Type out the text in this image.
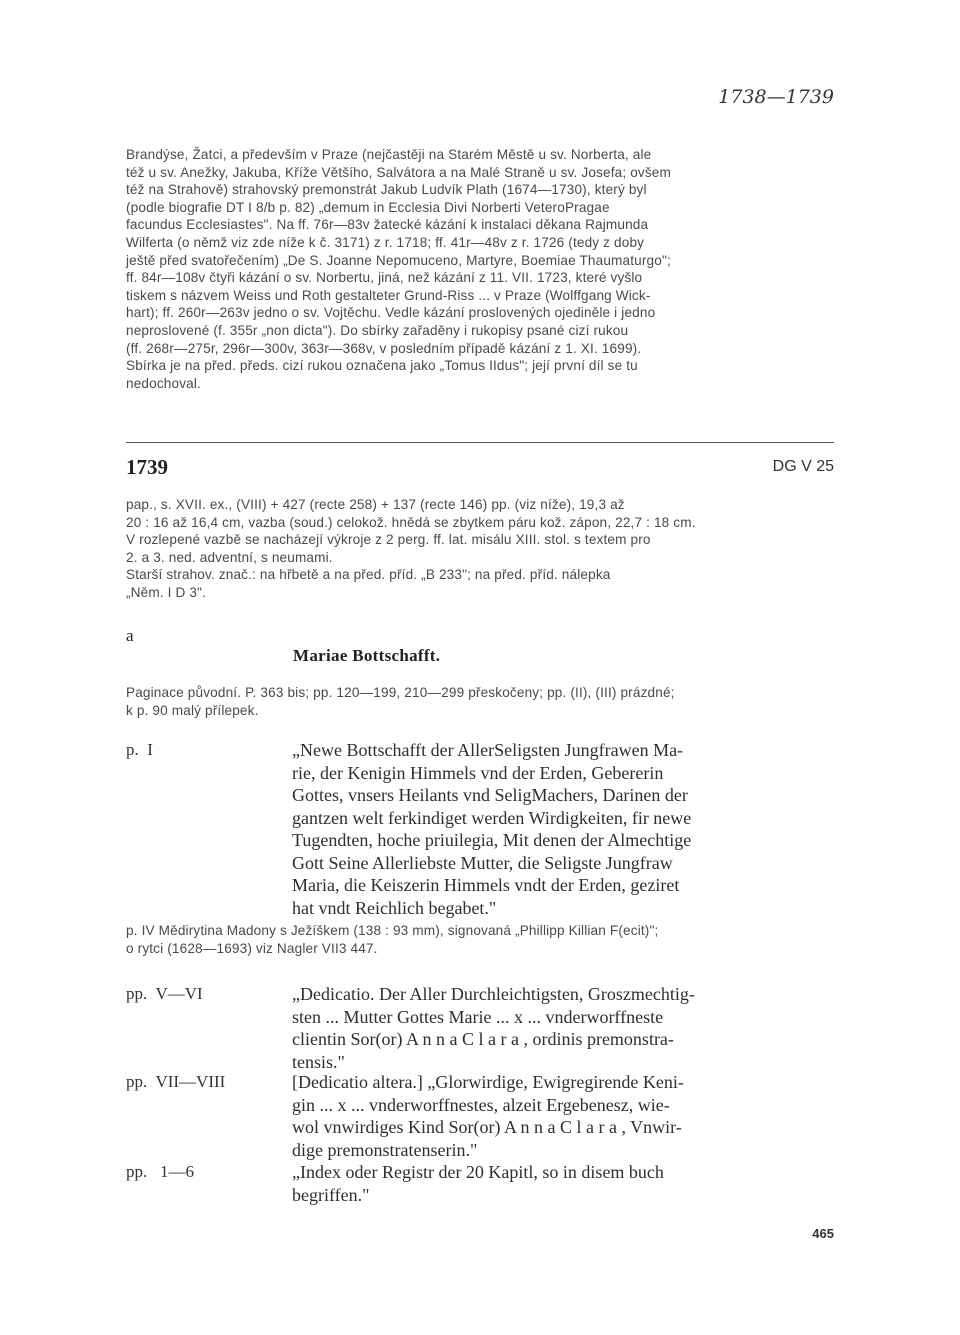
1738—1739
Brandýse, Žatci, a především v Praze (nejčastěji na Starém Městě u sv. Norberta, ale
též u sv. Anežky, Jakuba, Kříže Většího, Salvátora a na Malé Straně u sv. Josefa; ovšem
též na Strahově) strahovský premonstrát Jakub Ludvík Plath (1674—1730), který byl
(podle biografie DT I 8/b p. 82) „demum in Ecclesia Divi Norberti VeteroPragae
facundus Ecclesiastes". Na ff. 76r—83v žatecké kázání k instalaci děkana Rajmunda
Wilferta (o němž viz zde níže k č. 3171) z r. 1718; ff. 41r—48v z r. 1726 (tedy z doby
ještě před svatořečením) „De S. Joanne Nepomuceno, Martyre, Boemiae Thaumaturgo";
ff. 84r—108v čtyři kázání o sv. Norbertu, jiná, než kázání z 11. VII. 1723, které vyšlo
tiskem s názvem Weiss und Roth gestalteter Grund-Riss ... v Praze (Wolffgang Wick-
hart); ff. 260r—263v jedno o sv. Vojtěchu. Vedle kázání proslovených ojediněle i jedno
neproslovené (f. 355r „non dicta"). Do sbírky zařaděny i rukopisy psané cizí rukou
(ff. 268r—275r, 296r—300v, 363r—368v, v posledním případě kázání z 1. XI. 1699).
Sbírka je na před. předs. cizí rukou označena jako „Tomus IIdus"; její první díl se tu
nedochoval.
1739	DG V 25
pap., s. XVII. ex., (VIII) + 427 (recte 258) + 137 (recte 146) pp. (viz níže), 19,3 až
20 : 16 až 16,4 cm, vazba (soud.) celokož. hnědá se zbytkem páru kož. zápon, 22,7 : 18 cm.
V rozlepené vazbě se nacházejí výkroje z 2 perg. ff. lat. misálu XIII. stol. s textem pro
2. a 3. ned. adventní, s neumami.
Starší strahov. znač.: na hřbetě a na před. příd. „B 233"; na před. příd. nálepka
„Něm. I D 3".
a
Mariae Bottschafft.
Paginace původní. P. 363 bis; pp. 120—199, 210—299 přeskočeny; pp. (II), (III) prázdné;
k p. 90 malý přílepek.
p.  I	„Newe Bottschafft der AllerSeligsten Jungfrawen Ma-
rie, der Kenigin Himmels vnd der Erden, Gebererin
Gottes, vnsers Heilants vnd SeligMachers, Darinen der
gantzen welt ferkindiget werden Wirdigkeiten, fir newe
Tugendten, hoche priuilegia, Mit denen der Almechtige
Gott Seine Allerliebste Mutter, die Seligste Jungfraw
Maria, die Keiszerin Himmels vndt der Erden, geziret
hat vndt Reichlich begabet."
p. IV Mědirytina Madony s Ježíškem (138 : 93 mm), signovaná „Phillipp Killian F(ecit)";
o rytci (1628—1693) viz Nagler VII3 447.
pp.  V—VI	„Dedicatio. Der Aller Durchleichtigsten, Groszmechtig-
sten ... Mutter Gottes Marie ... x ... vnderworffneste
clientin Sor(or) A n n a C l a r a , ordinis premonstra-
tensis."
pp.  VII—VIII	[Dedicatio altera.] „Glorwirdige, Ewigregirende Keni-
gin ... x ... vnderworffnestes, alzeit Ergebenesz, wie-
wol vnwirdiges Kind Sor(or) A n n a C l a r a , Vnwir-
dige premonstratenserin."
pp.   1—6	„Index oder Registr der 20 Kapitl, so in disem buch
begriffen."
465
